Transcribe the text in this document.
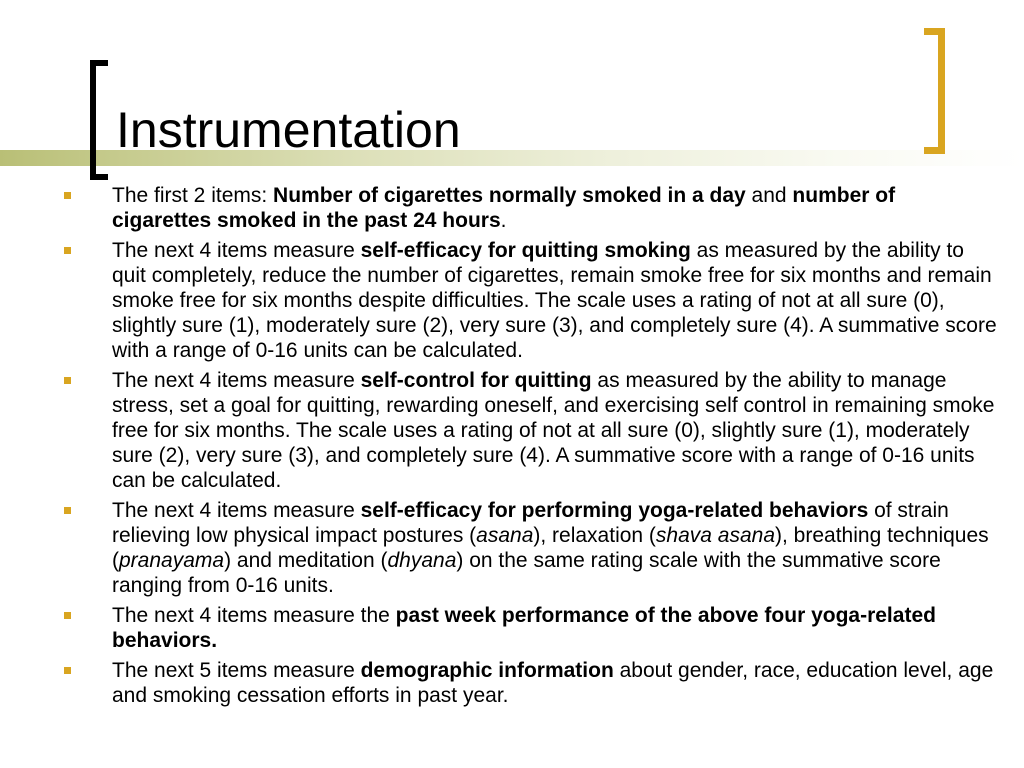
Instrumentation
The first 2 items: Number of cigarettes normally smoked in a day and number of cigarettes smoked in the past 24 hours.
The next 4 items measure self-efficacy for quitting smoking as measured by the ability to quit completely, reduce the number of cigarettes, remain smoke free for six months and remain smoke free for six months despite difficulties. The scale uses a rating of not at all sure (0), slightly sure (1), moderately sure (2), very sure (3), and completely sure (4). A summative score with a range of 0-16 units can be calculated.
The next 4 items measure self-control for quitting as measured by the ability to manage stress, set a goal for quitting, rewarding oneself, and exercising self control in remaining smoke free for six months. The scale uses a rating of not at all sure (0), slightly sure (1), moderately sure (2), very sure (3), and completely sure (4). A summative score with a range of 0-16 units can be calculated.
The next 4 items measure self-efficacy for performing yoga-related behaviors of strain relieving low physical impact postures (asana), relaxation (shava asana), breathing techniques (pranayama) and meditation (dhyana) on the same rating scale with the summative score ranging from 0-16 units.
The next 4 items measure the past week performance of the above four yoga-related behaviors.
The next 5 items measure demographic information about gender, race, education level, age and smoking cessation efforts in past year.
